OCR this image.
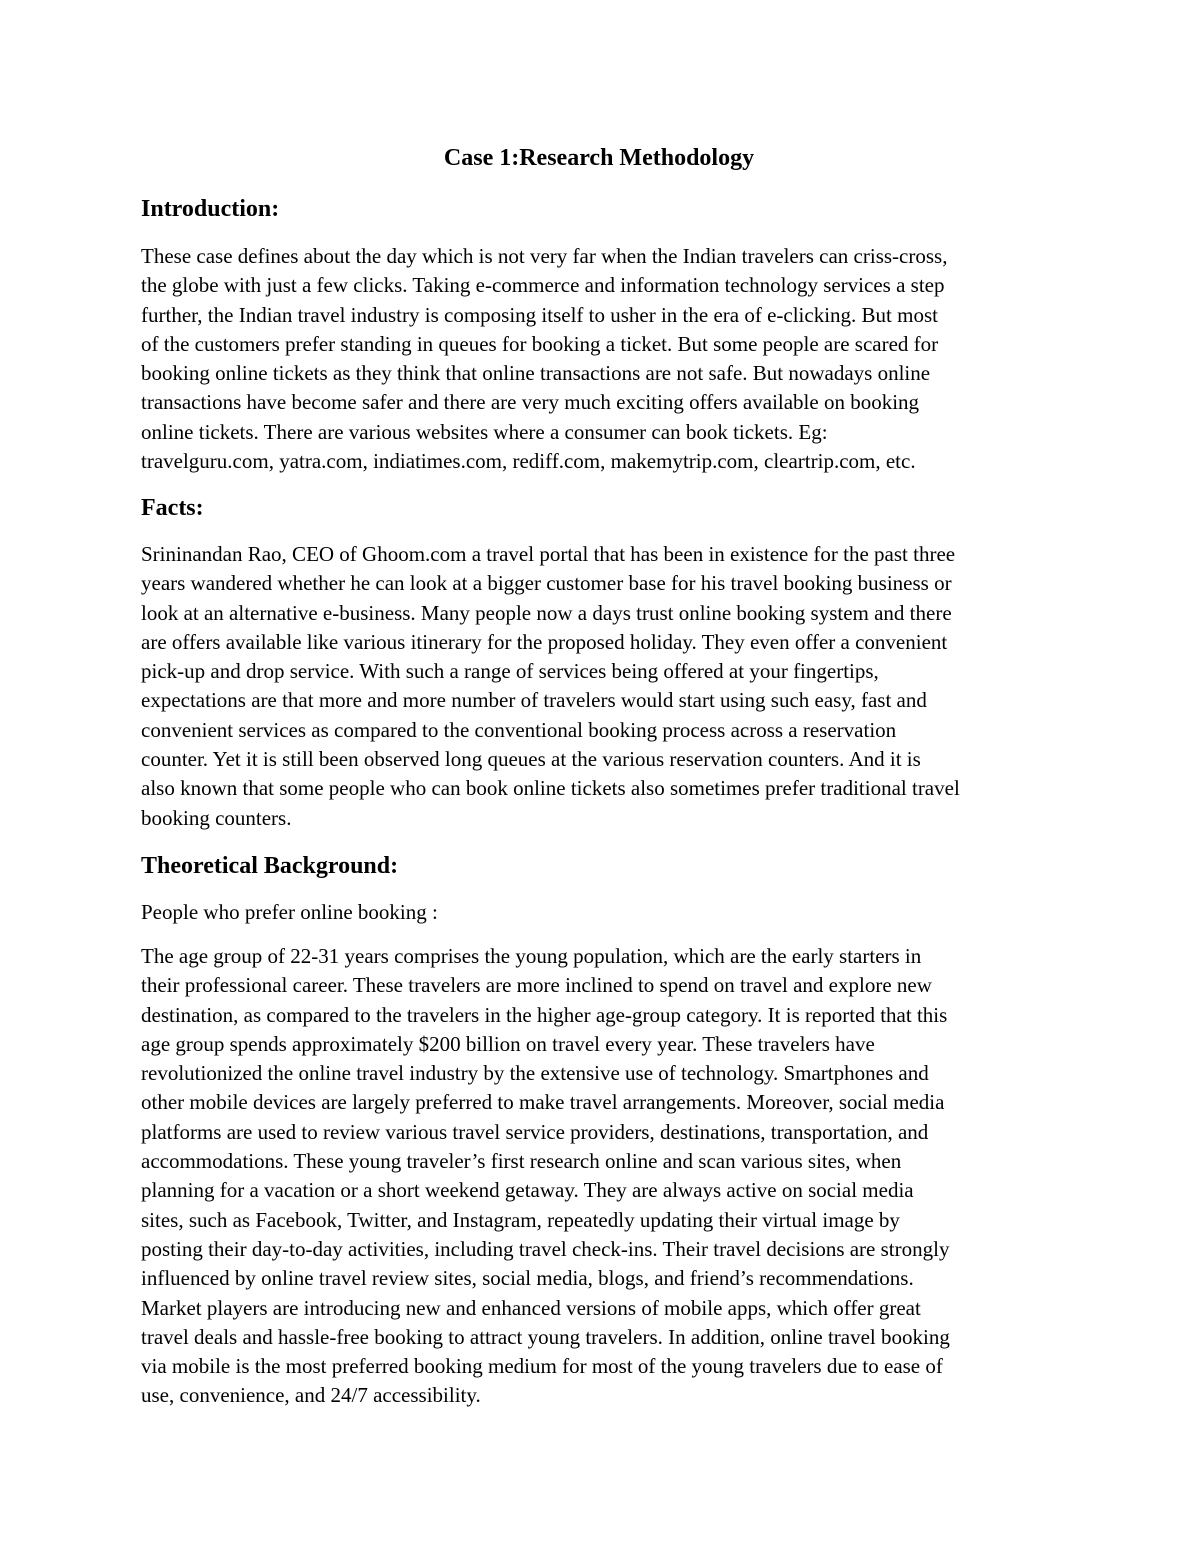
Case 1:Research Methodology
Introduction:

These case defines about the day which is not very far when the Indian travelers can criss-cross,
the globe with just a few clicks. Taking e-commerce and information technology services a step
further, the Indian travel industry is composing itself to usher in the era of e-clicking. But most
of the customers prefer standing in queues for booking a ticket. But some people are scared for
booking online tickets as they think that online transactions are not safe. But nowadays online
transactions have become safer and there are very much exciting offers available on booking
online tickets. There are various websites where a consumer can book tickets. Eg:
travelguru.com, yatra.com, indiatimes.com, rediff.com, makemytrip.com, cleartrip.com, etc.

Facts:

Srininandan Rao, CEO of Ghoom.com a travel portal that has been in existence for the past three
years wandered whether he can look at a bigger customer base for his travel booking business or
look at an alternative e-business. Many people now a days trust online booking system and there
are offers available like various itinerary for the proposed holiday. They even offer a convenient
pick-up and drop service. With such a range of services being offered at your fingertips,
expectations are that more and more number of travelers would start using such easy, fast and
convenient services as compared to the conventional booking process across a reservation
counter. Yet it is still been observed long queues at the various reservation counters. And it is
also known that some people who can book online tickets also sometimes prefer traditional travel
booking counters.

Theoretical Background:

People who prefer online booking :

The age group of 22-31 years comprises the young population, which are the early starters in
their professional career. These travelers are more inclined to spend on travel and explore new
destination, as compared to the travelers in the higher age-group category. It is reported that this
age group spends approximately $200 billion on travel every year. These travelers have
revolutionized the online travel industry by the extensive use of technology. Smartphones and
other mobile devices are largely preferred to make travel arrangements. Moreover, social media
platforms are used to review various travel service providers, destinations, transportation, and
accommodations. These young traveler’s first research online and scan various sites, when
planning for a vacation or a short weekend getaway. They are always active on social media
sites, such as Facebook, Twitter, and Instagram, repeatedly updating their virtual image by
posting their day-to-day activities, including travel check-ins. Their travel decisions are strongly
influenced by online travel review sites, social media, blogs, and friend’s recommendations.
Market players are introducing new and enhanced versions of mobile apps, which offer great
travel deals and hassle-free booking to attract young travelers. In addition, online travel booking
via mobile is the most preferred booking medium for most of the young travelers due to ease of
use, convenience, and 24/7 accessibility.
